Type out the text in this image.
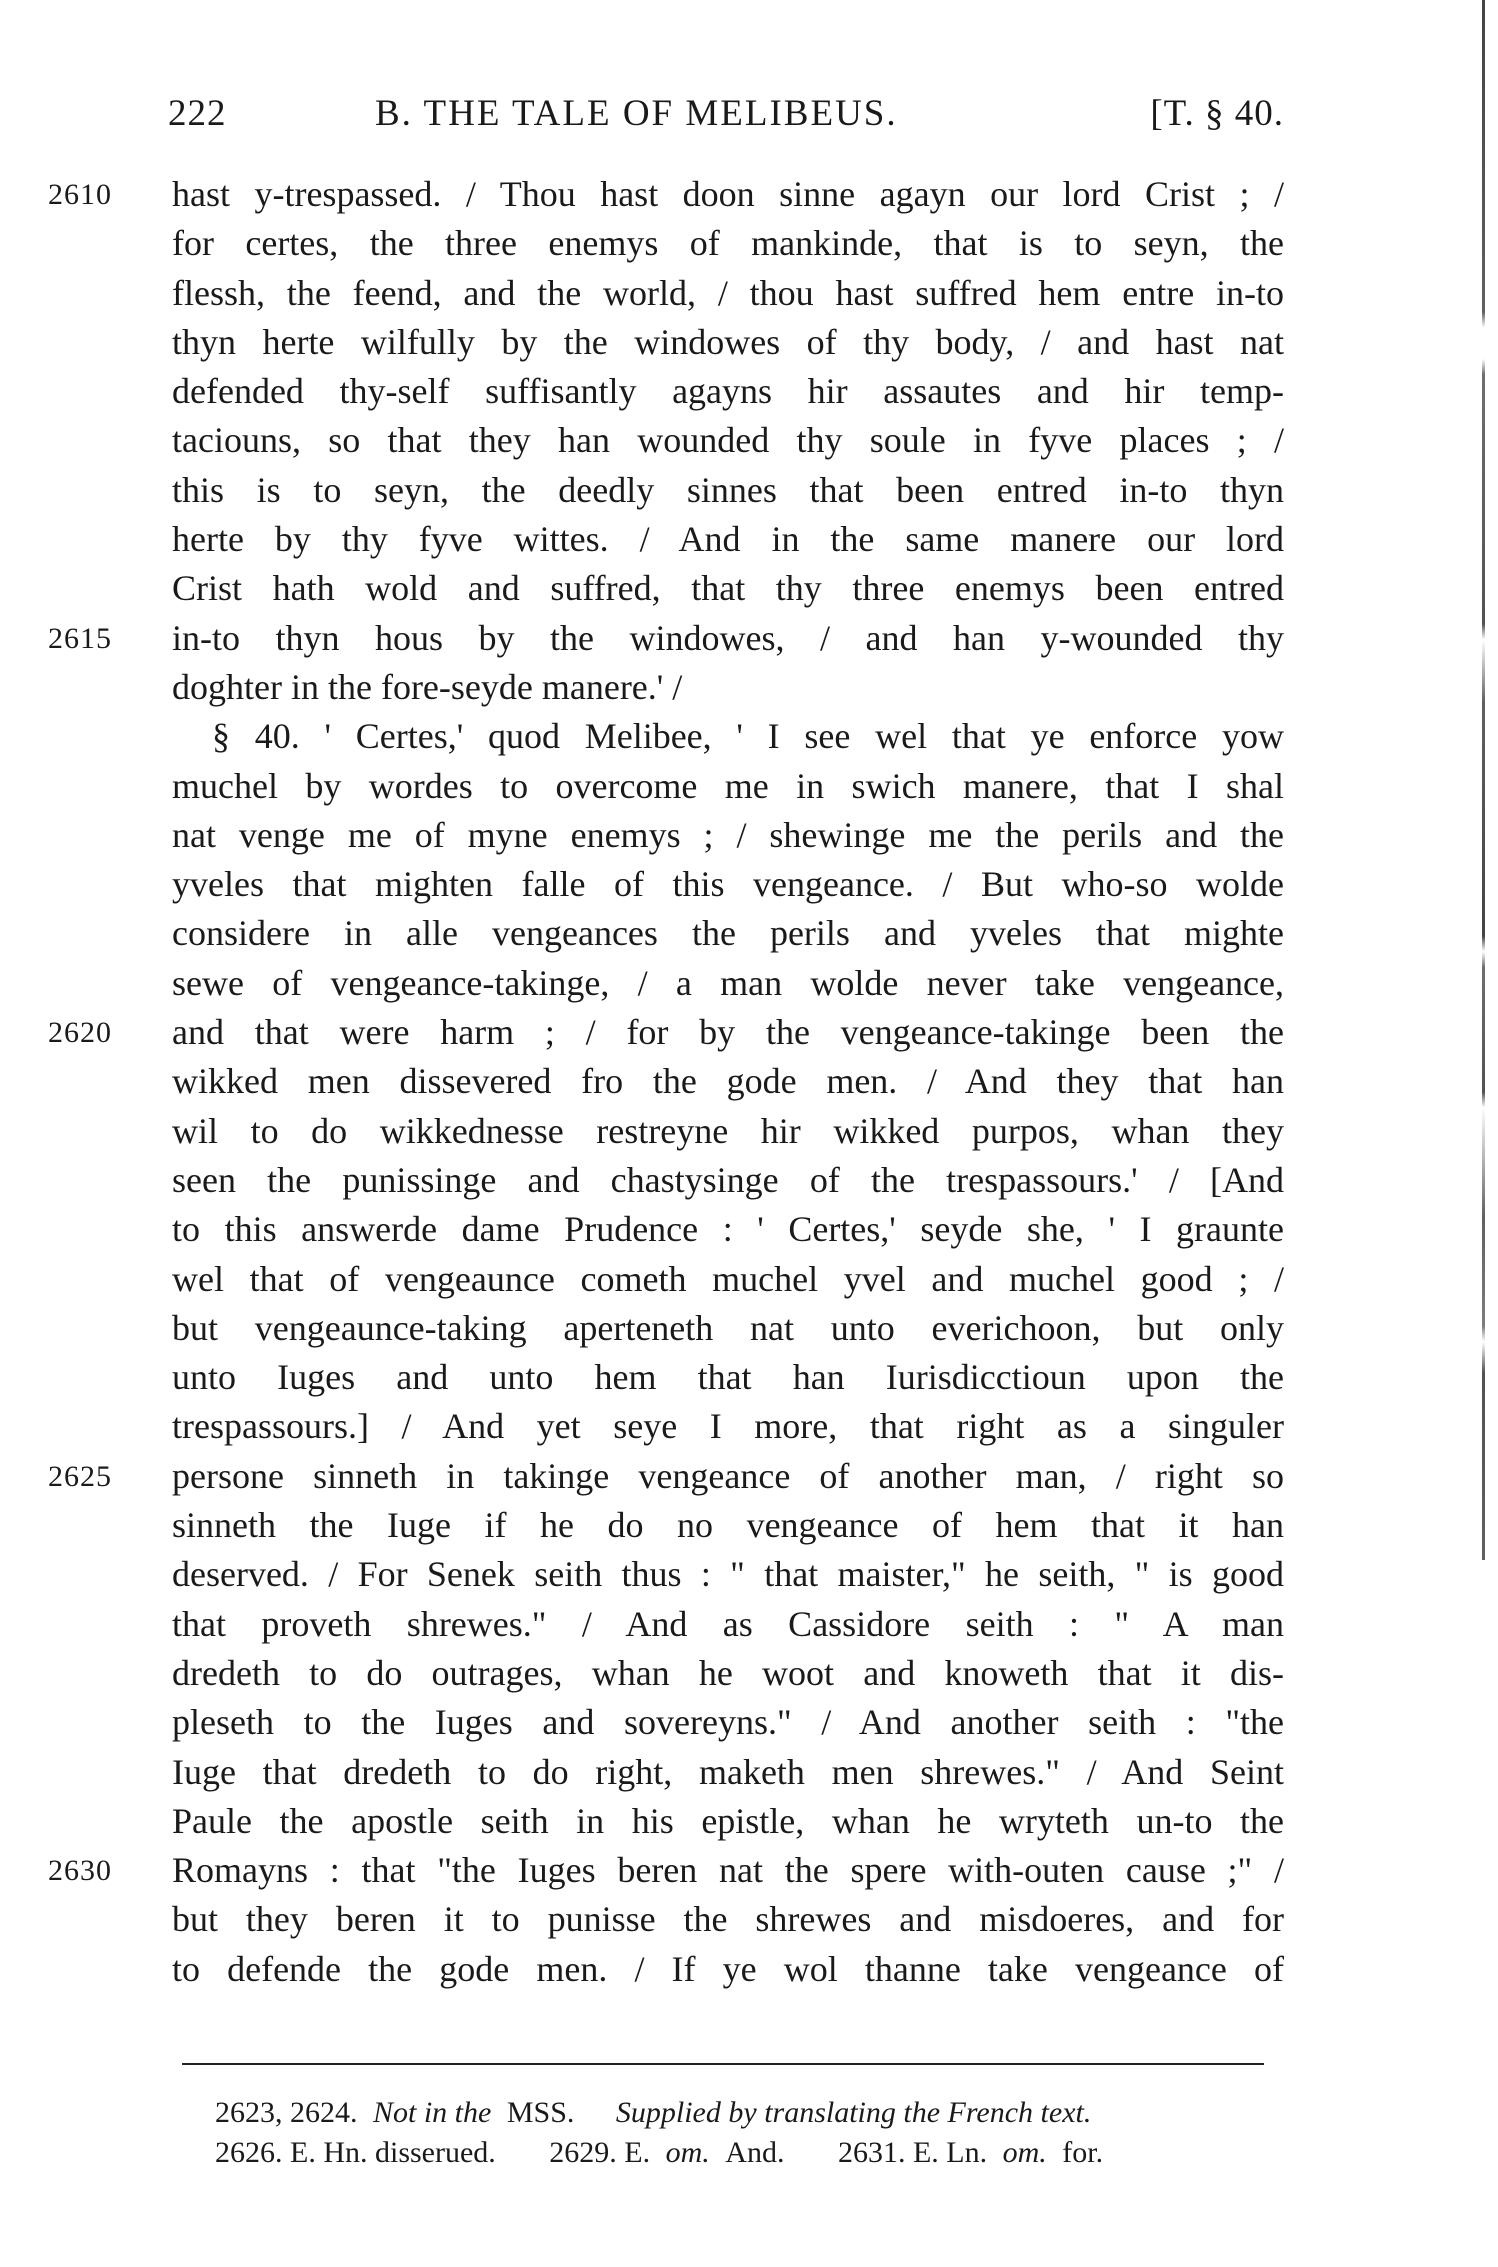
222	B. THE TALE OF MELIBEUS.	[T. § 40.
2610	hast y-trespassed. / Thou hast doon sinne agayn our lord Crist ; /
for certes, the three enemys of mankinde, that is to seyn, the
flessh, the feend, and the world, / thou hast suffred hem entre in-to
thyn herte wilfully by the windowes of thy body, / and hast nat
defended thy-self suffisantly agayns hir assautes and hir temp-
taciouns, so that they han wounded thy soule in fyve places ; /
this is to seyn, the deedly sinnes that been entred in-to thyn
herte by thy fyve wittes. / And in the same manere our lord
Crist hath wold and suffred, that thy three enemys been entred
2615	in-to thyn hous by the windowes, / and han y-wounded thy
doghter in the fore-seyde manere.' /
§ 40. ' Certes,' quod Melibee, ' I see wel that ye enforce yow
muchel by wordes to overcome me in swich manere, that I shal
nat venge me of myne enemys ; / shewinge me the perils and the
yveles that mighten falle of this vengeance. / But who-so wolde
considere in alle vengeances the perils and yveles that mighte
sewe of vengeance-takinge, / a man wolde never take vengeance,
2620	and that were harm ; / for by the vengeance-takinge been the
wikked men dissevered fro the gode men. / And they that han
wil to do wikkednesse restreyne hir wikked purpos, whan they
seen the punissinge and chastysinge of the trespassours.' / [And
to this answerde dame Prudence : ' Certes,' seyde she, ' I graunte
wel that of vengeaunce cometh muchel yvel and muchel good ; /
but vengeaunce-taking aperteneth nat unto everichoon, but only
unto Iuges and unto hem that han Iurisdicctioun upon the
trespassours.] / And yet seye I more, that right as a singuler
2625	persone sinneth in takinge vengeance of another man, / right so
sinneth the Iuge if he do no vengeance of hem that it han
deserved. / For Senek seith thus : " that maister," he seith, " is good
that proveth shrewes." / And as Cassidore seith : " A man
dredeth to do outrages, whan he woot and knoweth that it dis-
pleseth to the Iuges and sovereyns." / And another seith : "the
Iuge that dredeth to do right, maketh men shrewes." / And Seint
Paule the apostle seith in his epistle, whan he wryteth un-to the
2630	Romayns : that "the Iuges beren nat the spere with-outen cause ;" /
but they beren it to punisse the shrewes and misdoeres, and for
to defende the gode men. / If ye wol thanne take vengeance of
2623, 2624. Not in the MSS. Supplied by translating the French text.
2626. E. Hn. disserued. 2629. E. om. And. 2631. E. Ln. om. for.
